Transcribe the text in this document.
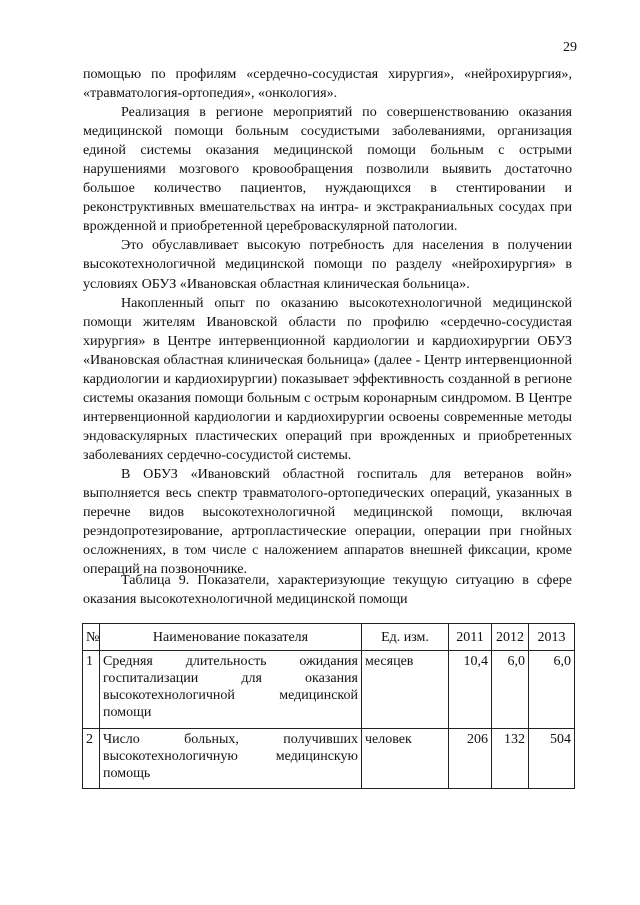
29

помощью по профилям «сердечно-сосудистая хирургия», «нейрохирургия», «травматология-ортопедия», «онкология».

Реализация в регионе мероприятий по совершенствованию оказания медицинской помощи больным сосудистыми заболеваниями, организация единой системы оказания медицинской помощи больным с острыми нарушениями мозгового кровообращения позволили выявить достаточно большое количество пациентов, нуждающихся в стентировании и реконструктивных вмешательствах на интра- и экстракраниальных сосудах при врожденной и приобретенной цереброваскулярной патологии.

Это обуславливает высокую потребность для населения в получении высокотехнологичной медицинской помощи по разделу «нейрохирургия» в условиях ОБУЗ «Ивановская областная клиническая больница».

Накопленный опыт по оказанию высокотехнологичной медицинской помощи жителям Ивановской области по профилю «сердечно-сосудистая хирургия» в Центре интервенционной кардиологии и кардиохирургии ОБУЗ «Ивановская областная клиническая больница» (далее - Центр интервенционной кардиологии и кардиохирургии) показывает эффективность созданной в регионе системы оказания помощи больным с острым коронарным синдромом. В Центре интервенционной кардиологии и кардиохирургии освоены современные методы эндоваскулярных пластических операций при врожденных и приобретенных заболеваниях сердечно-сосудистой системы.

В ОБУЗ «Ивановский областной госпиталь для ветеранов войн» выполняется весь спектр травматолого-ортопедических операций, указанных в перечне видов высокотехнологичной медицинской помощи, включая реэндопротезирование, артропластические операции, операции при гнойных осложнениях, в том числе с наложением аппаратов внешней фиксации, кроме операций на позвоночнике.

Таблица 9. Показатели, характеризующие текущую ситуацию в сфере оказания высокотехнологичной медицинской помощи
№	Наименование показателя	Ед. изм.	2011	2012	2013
1	Средняя длительность ожидания госпитализации для оказания высокотехнологичной медицинской помощи	месяцев	10,4	6,0	6,0
2	Число больных, получивших высокотехнологичную медицинскую помощь	человек	206	132	504
